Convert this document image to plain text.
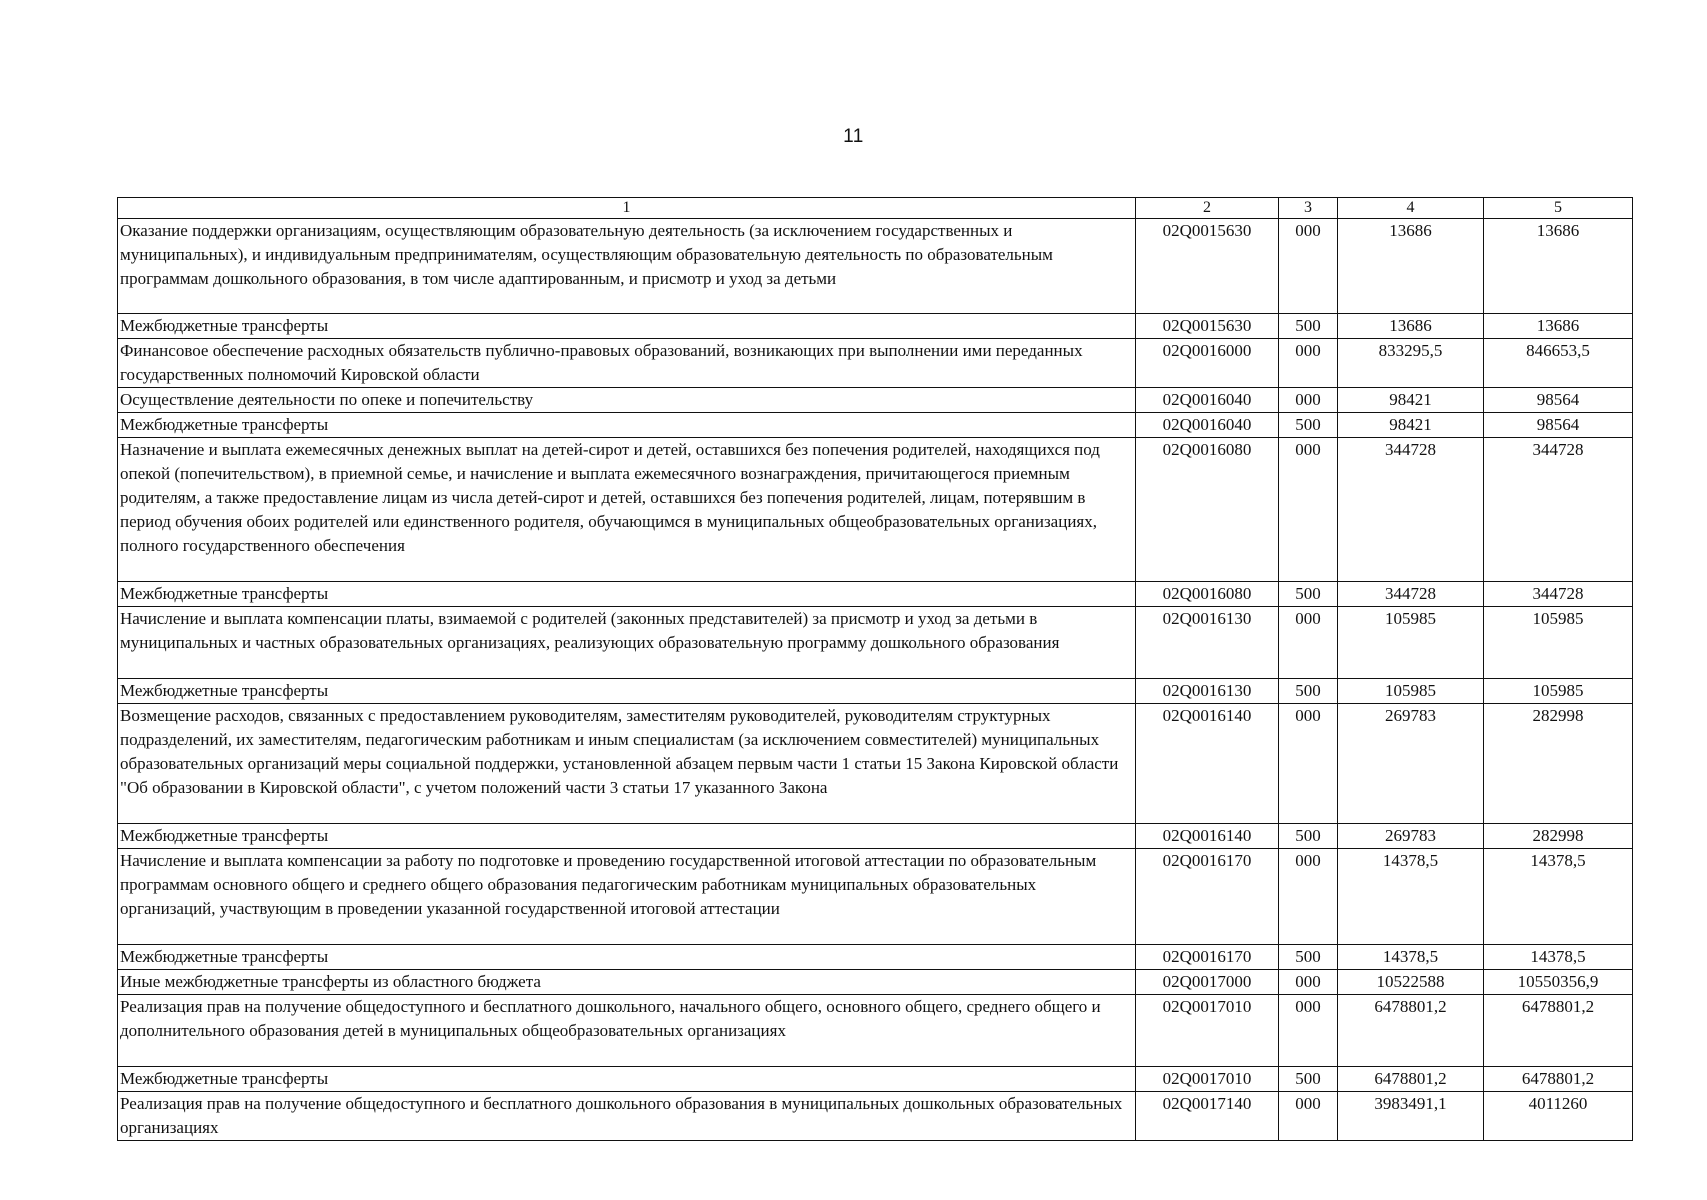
11
1	2	3	4	5
Оказание поддержки организациям, осуществляющим образовательную деятельность (за исключением государственных и муниципальных), и индивидуальным предпринимателям, осуществляющим образовательную деятельность по образовательным программам дошкольного образования, в том числе адаптированным, и присмотр и уход за детьми	02Q0015630	000	13686	13686
Межбюджетные трансферты	02Q0015630	500	13686	13686
Финансовое обеспечение расходных обязательств публично-правовых образований, возникающих при выполнении ими переданных государственных полномочий Кировской области	02Q0016000	000	833295,5	846653,5
Осуществление деятельности по опеке и попечительству	02Q0016040	000	98421	98564
Межбюджетные трансферты	02Q0016040	500	98421	98564
Назначение и выплата ежемесячных денежных выплат на детей-сирот и детей, оставшихся без попечения родителей, находящихся под опекой (попечительством), в приемной семье, и начисление и выплата ежемесячного вознаграждения, причитающегося приемным родителям, а также предоставление лицам из числа детей-сирот и детей, оставшихся без попечения родителей, лицам, потерявшим в период обучения обоих родителей или единственного родителя, обучающимся в муниципальных общеобразовательных организациях, полного государственного обеспечения	02Q0016080	000	344728	344728
Межбюджетные трансферты	02Q0016080	500	344728	344728
Начисление и выплата компенсации платы, взимаемой с родителей (законных представителей) за присмотр и уход за детьми в муниципальных и частных образовательных организациях, реализующих образовательную программу дошкольного образования	02Q0016130	000	105985	105985
Межбюджетные трансферты	02Q0016130	500	105985	105985
Возмещение расходов, связанных с предоставлением руководителям, заместителям руководителей, руководителям структурных подразделений, их заместителям, педагогическим работникам и иным специалистам (за исключением совместителей) муниципальных образовательных организаций меры социальной поддержки, установленной абзацем первым части 1 статьи 15 Закона Кировской области "Об образовании в Кировской области", с учетом положений части 3 статьи 17 указанного Закона	02Q0016140	000	269783	282998
Межбюджетные трансферты	02Q0016140	500	269783	282998
Начисление и выплата компенсации за работу по подготовке и проведению государственной итоговой аттестации по образовательным программам основного общего и среднего общего образования педагогическим работникам муниципальных образовательных организаций, участвующим в проведении указанной государственной итоговой аттестации	02Q0016170	000	14378,5	14378,5
Межбюджетные трансферты	02Q0016170	500	14378,5	14378,5
Иные межбюджетные трансферты из областного бюджета	02Q0017000	000	10522588	10550356,9
Реализация прав на получение общедоступного и бесплатного дошкольного, начального общего, основного общего, среднего общего и дополнительного образования детей в муниципальных общеобразовательных организациях	02Q0017010	000	6478801,2	6478801,2
Межбюджетные трансферты	02Q0017010	500	6478801,2	6478801,2
Реализация прав на получение общедоступного и бесплатного дошкольного образования в муниципальных дошкольных образовательных организациях	02Q0017140	000	3983491,1	4011260
